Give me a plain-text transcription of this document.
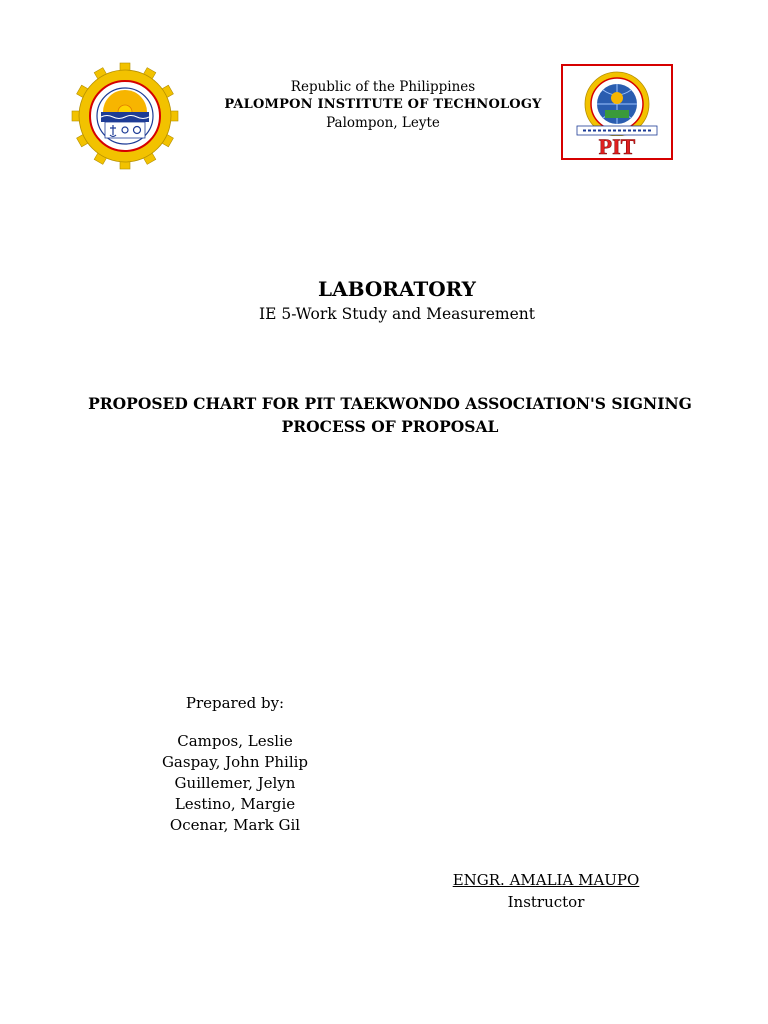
Republic of the Philippines
PALOMPON INSTITUTE OF TECHNOLOGY
Palompon, Leyte
PIT
LABORATORY
IE 5-Work Study and Measurement
PROPOSED CHART FOR PIT TAEKWONDO ASSOCIATION'S SIGNING
PROCESS OF PROPOSAL
Prepared by:
Campos, Leslie
Gaspay, John Philip
Guillemer, Jelyn
Lestino, Margie
Ocenar, Mark Gil
ENGR. AMALIA MAUPO
Instructor
